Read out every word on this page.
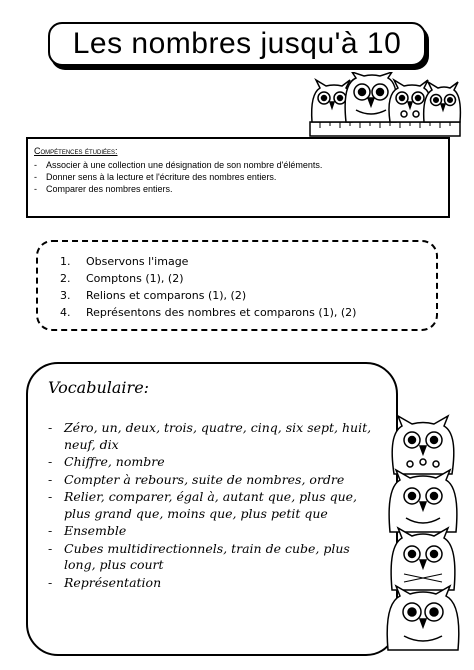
Les nombres jusqu'à 10
Compétences étudiées:
- Associer à une collection une désignation de son nombre d'éléments.
- Donner sens à la lecture et l'écriture des nombres entiers.
- Comparer des nombres entiers.
1.	Observons l'image
2.	Comptons (1), (2)
3.	Relions et comparons (1), (2)
4.	Représentons des nombres et comparons (1), (2)
Vocabulaire:
- Zéro, un, deux, trois, quatre, cinq, six sept, huit, neuf, dix
- Chiffre, nombre
- Compter à rebours, suite de nombres, ordre
- Relier, comparer, égal à, autant que, plus que, plus grand que, moins que, plus petit que
- Ensemble
- Cubes multidirectionnels, train de cube, plus long, plus court
- Représentation
